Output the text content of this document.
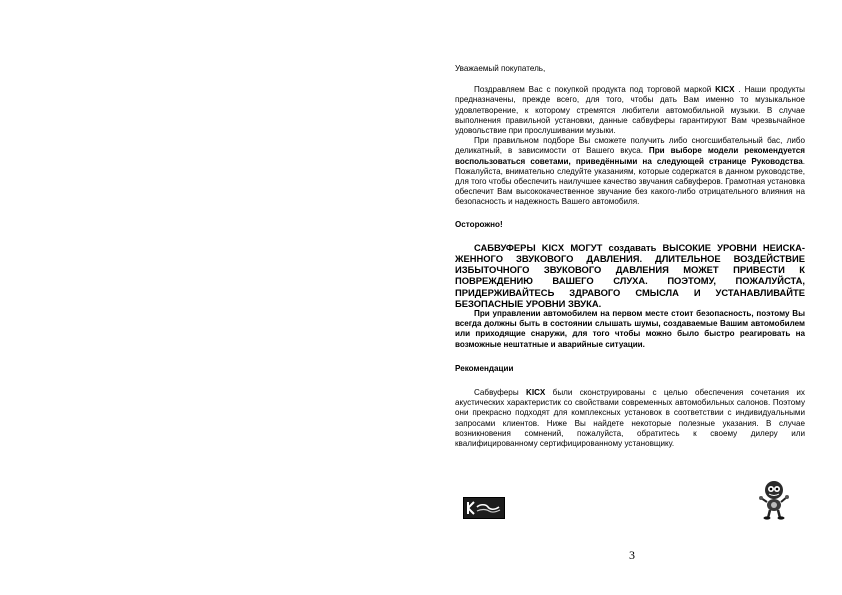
Уважаемый покупатель,

Поздравляем Вас с покупкой продукта под торговой маркой KICX . Наши продукты предназначены, прежде всего, для того, чтобы дать Вам именно то музыкальное удовлетворение, к которому стремятся любители автомобильной музыки. В случае выполнения правильной установки, данные сабвуферы гарантируют Вам чрезвычайное удовольствие при прослушивании музыки.

При правильном подборе Вы сможете получить либо сногсшибательный бас, либо деликатный, в зависимости от Вашего вкуса. При выборе модели рекомендуется воспользоваться советами, приведёнными на следующей странице Руководства. Пожалуйста, внимательно следуйте указаниям, которые содержатся в данном руководстве, для того чтобы обеспечить наилучшее качество звучания сабвуферов. Грамотная установка обеспечит Вам высококачественное звучание без какого-либо отрицательного влияния на безопасность и надежность Вашего автомобиля.

Осторожно!

САБВУФЕРЫ KICX МОГУТ создавать ВЫСОКИЕ УРОВНИ НЕИСКА-ЖЕННОГО ЗВУКОВОГО ДАВЛЕНИЯ. ДЛИТЕЛЬНОЕ ВОЗДЕЙСТВИЕ ИЗБЫТОЧНОГО ЗВУКОВОГО ДАВЛЕНИЯ МОЖЕТ ПРИВЕСТИ К ПОВРЕЖДЕНИЮ ВАШЕГО СЛУХА. ПОЭТОМУ, ПОЖАЛУЙСТА, ПРИДЕРЖИВАЙТЕСЬ ЗДРАВОГО СМЫСЛА И УСТАНАВЛИВАЙТЕ БЕЗОПАСНЫЕ УРОВНИ ЗВУКА.

При управлении автомобилем на первом месте стоит безопасность, поэтому Вы всегда должны быть в состоянии слышать шумы, создаваемые Вашим автомобилем или приходящие снаружи, для того чтобы можно было быстро реагировать на возможные нештатные и аварийные ситуации.

Рекомендации

Сабвуферы KICX были сконструированы с целью обеспечения сочетания их акустических характеристик со свойствами современных автомобильных салонов. Поэтому они прекрасно подходят для комплексных установок в соответствии с индивидуальными запросами клиентов. Ниже Вы найдете некоторые полезные указания. В случае возникновения сомнений, пожалуйста, обратитесь к своему дилеру или квалифицированному сертифицированному установщику.

3
